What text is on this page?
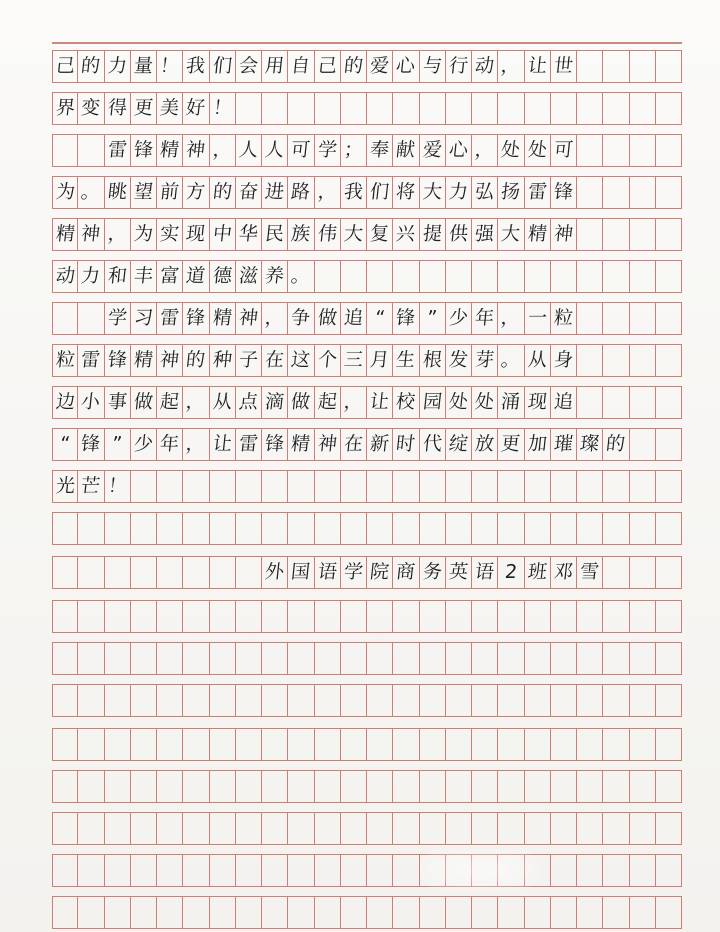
己 的 力 量 ！ 我 们 会 用 自 己 的 爱 心 与 行 动 ， 让 世
界 变 得 更 美 好 ！
雷 锋 精 神 ， 人 人 可 学 ； 奉 献 爱 心 ， 处 处 可
为 。 眺 望 前 方 的 奋 进 路 ， 我 们 将 大 力 弘 扬 雷 锋
精 神 ， 为 实 现 中 华 民 族 伟 大 复 兴 提 供 强 大 精 神
动 力 和 丰 富 道 德 滋 养 。
学 习 雷 锋 精 神 ， 争 做 追 “ 锋 ” 少 年 ， 一 粒
粒 雷 锋 精 神 的 种 子 在 这 个 三 月 生 根 发 芽 。 从 身
边 小 事 做 起 ， 从 点 滴 做 起 ， 让 校 园 处 处 涌 现 追
“ 锋 ” 少 年 ， 让 雷 锋 精 神 在 新 时 代 绽 放 更 加 璀 璨 的
光 芒 ！
外 国 语 学 院 商 务 英 语 2 班 邓 雪
